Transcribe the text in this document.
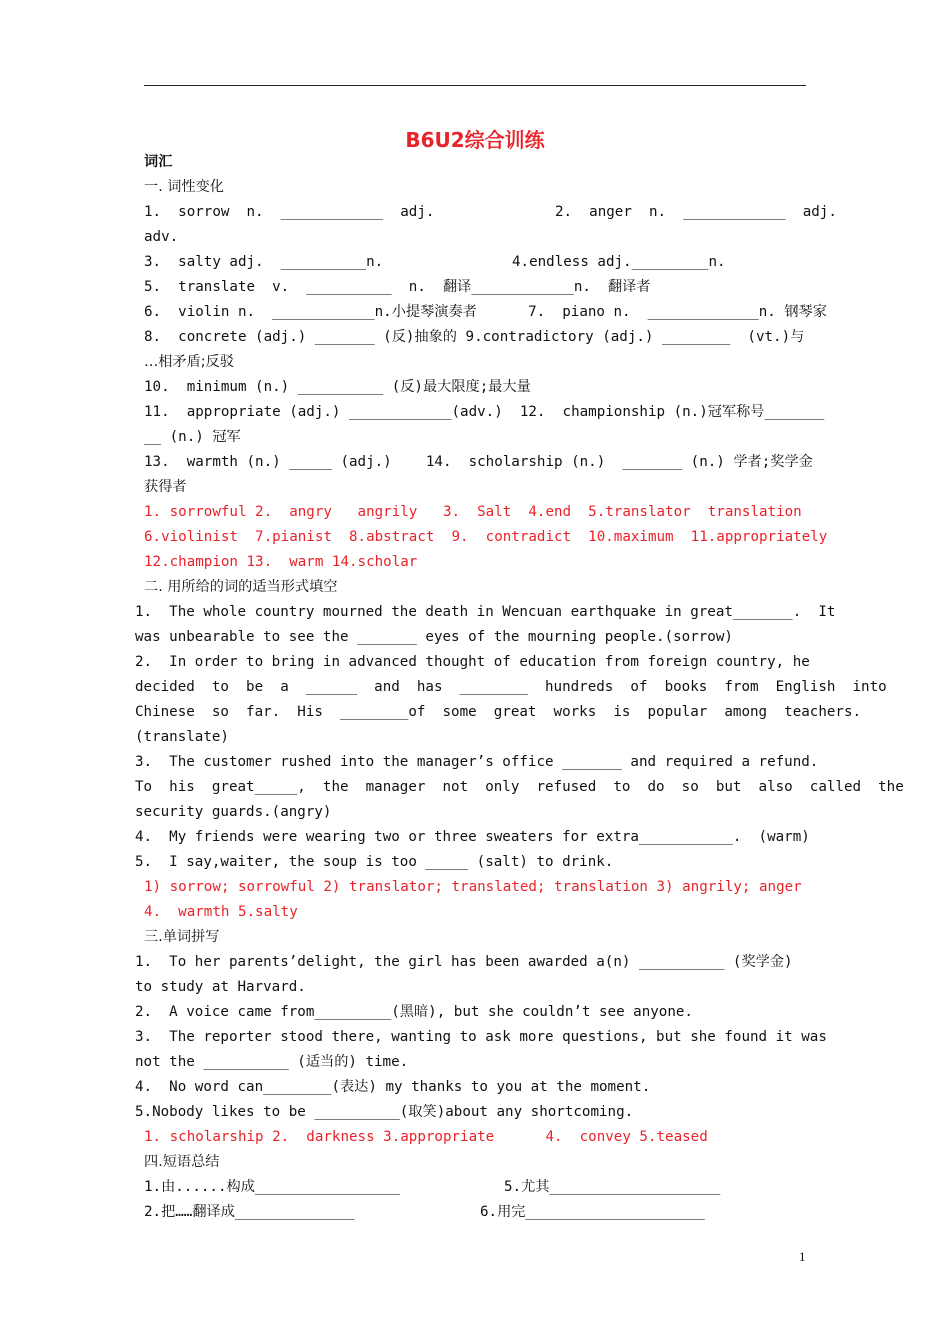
B6U2综合训练
词汇
一. 词性变化
1.  sorrow  n.  ____________  adj.	2.  anger  n.  ____________  adj.
adv.
3.  salty adj.  __________n.	4.endless adj._________n.
5.  translate  v.  __________  n.  翻译____________n.  翻译者
6.  violin n.  ____________n.小提琴演奏者      7.  piano n.  _____________n. 钢琴家
8.  concrete (adj.) _______ (反)抽象的 9.contradictory (adj.) ________  (vt.)与
…相矛盾;反驳
10.  minimum (n.) __________ (反)最大限度;最大量
11.  appropriate (adj.) ____________(adv.)  12.  championship (n.)冠军称号_______
__ (n.) 冠军
13.  warmth (n.) _____ (adj.)    14.  scholarship (n.)  _______ (n.) 学者;奖学金
获得者
1. sorrowful 2.  angry   angrily   3.  Salt  4.end  5.translator  translation
6.violinist  7.pianist  8.abstract  9.  contradict  10.maximum  11.appropriately
12.champion 13.  warm 14.scholar
二. 用所给的词的适当形式填空
1.  The whole country mourned the death in Wencuan earthquake in great_______.  It
was unbearable to see the _______ eyes of the mourning people.(sorrow)
2.  In order to bring in advanced thought of education from foreign country, he
decided  to  be  a  ______  and  has  ________  hundreds  of  books  from  English  into
Chinese  so  far.  His  ________of  some  great  works  is  popular  among  teachers.
(translate)
3.  The customer rushed into the manager’s office _______ and required a refund.
To  his  great_____,  the  manager  not  only  refused  to  do  so  but  also  called  the
security guards.(angry)
4.  My friends were wearing two or three sweaters for extra___________.  (warm)
5.  I say,waiter, the soup is too _____ (salt) to drink.
1) sorrow; sorrowful 2) translator; translated; translation 3) angrily; anger
4.  warmth 5.salty
三.单词拼写
1.  To her parents’delight, the girl has been awarded a(n) __________ (奖学金)
to study at Harvard.
2.  A voice came from_________(黑暗), but she couldn’t see anyone.
3.  The reporter stood there, wanting to ask more questions, but she found it was
not the __________ (适当的) time.
4.  No word can________(表达) my thanks to you at the moment.
5.Nobody likes to be __________(取笑)about any shortcoming.
1. scholarship 2.  darkness 3.appropriate      4.  convey 5.teased
四.短语总结
1.由......构成_________________	5.尤其____________________
2.把……翻译成______________	6.用完_____________________
1
